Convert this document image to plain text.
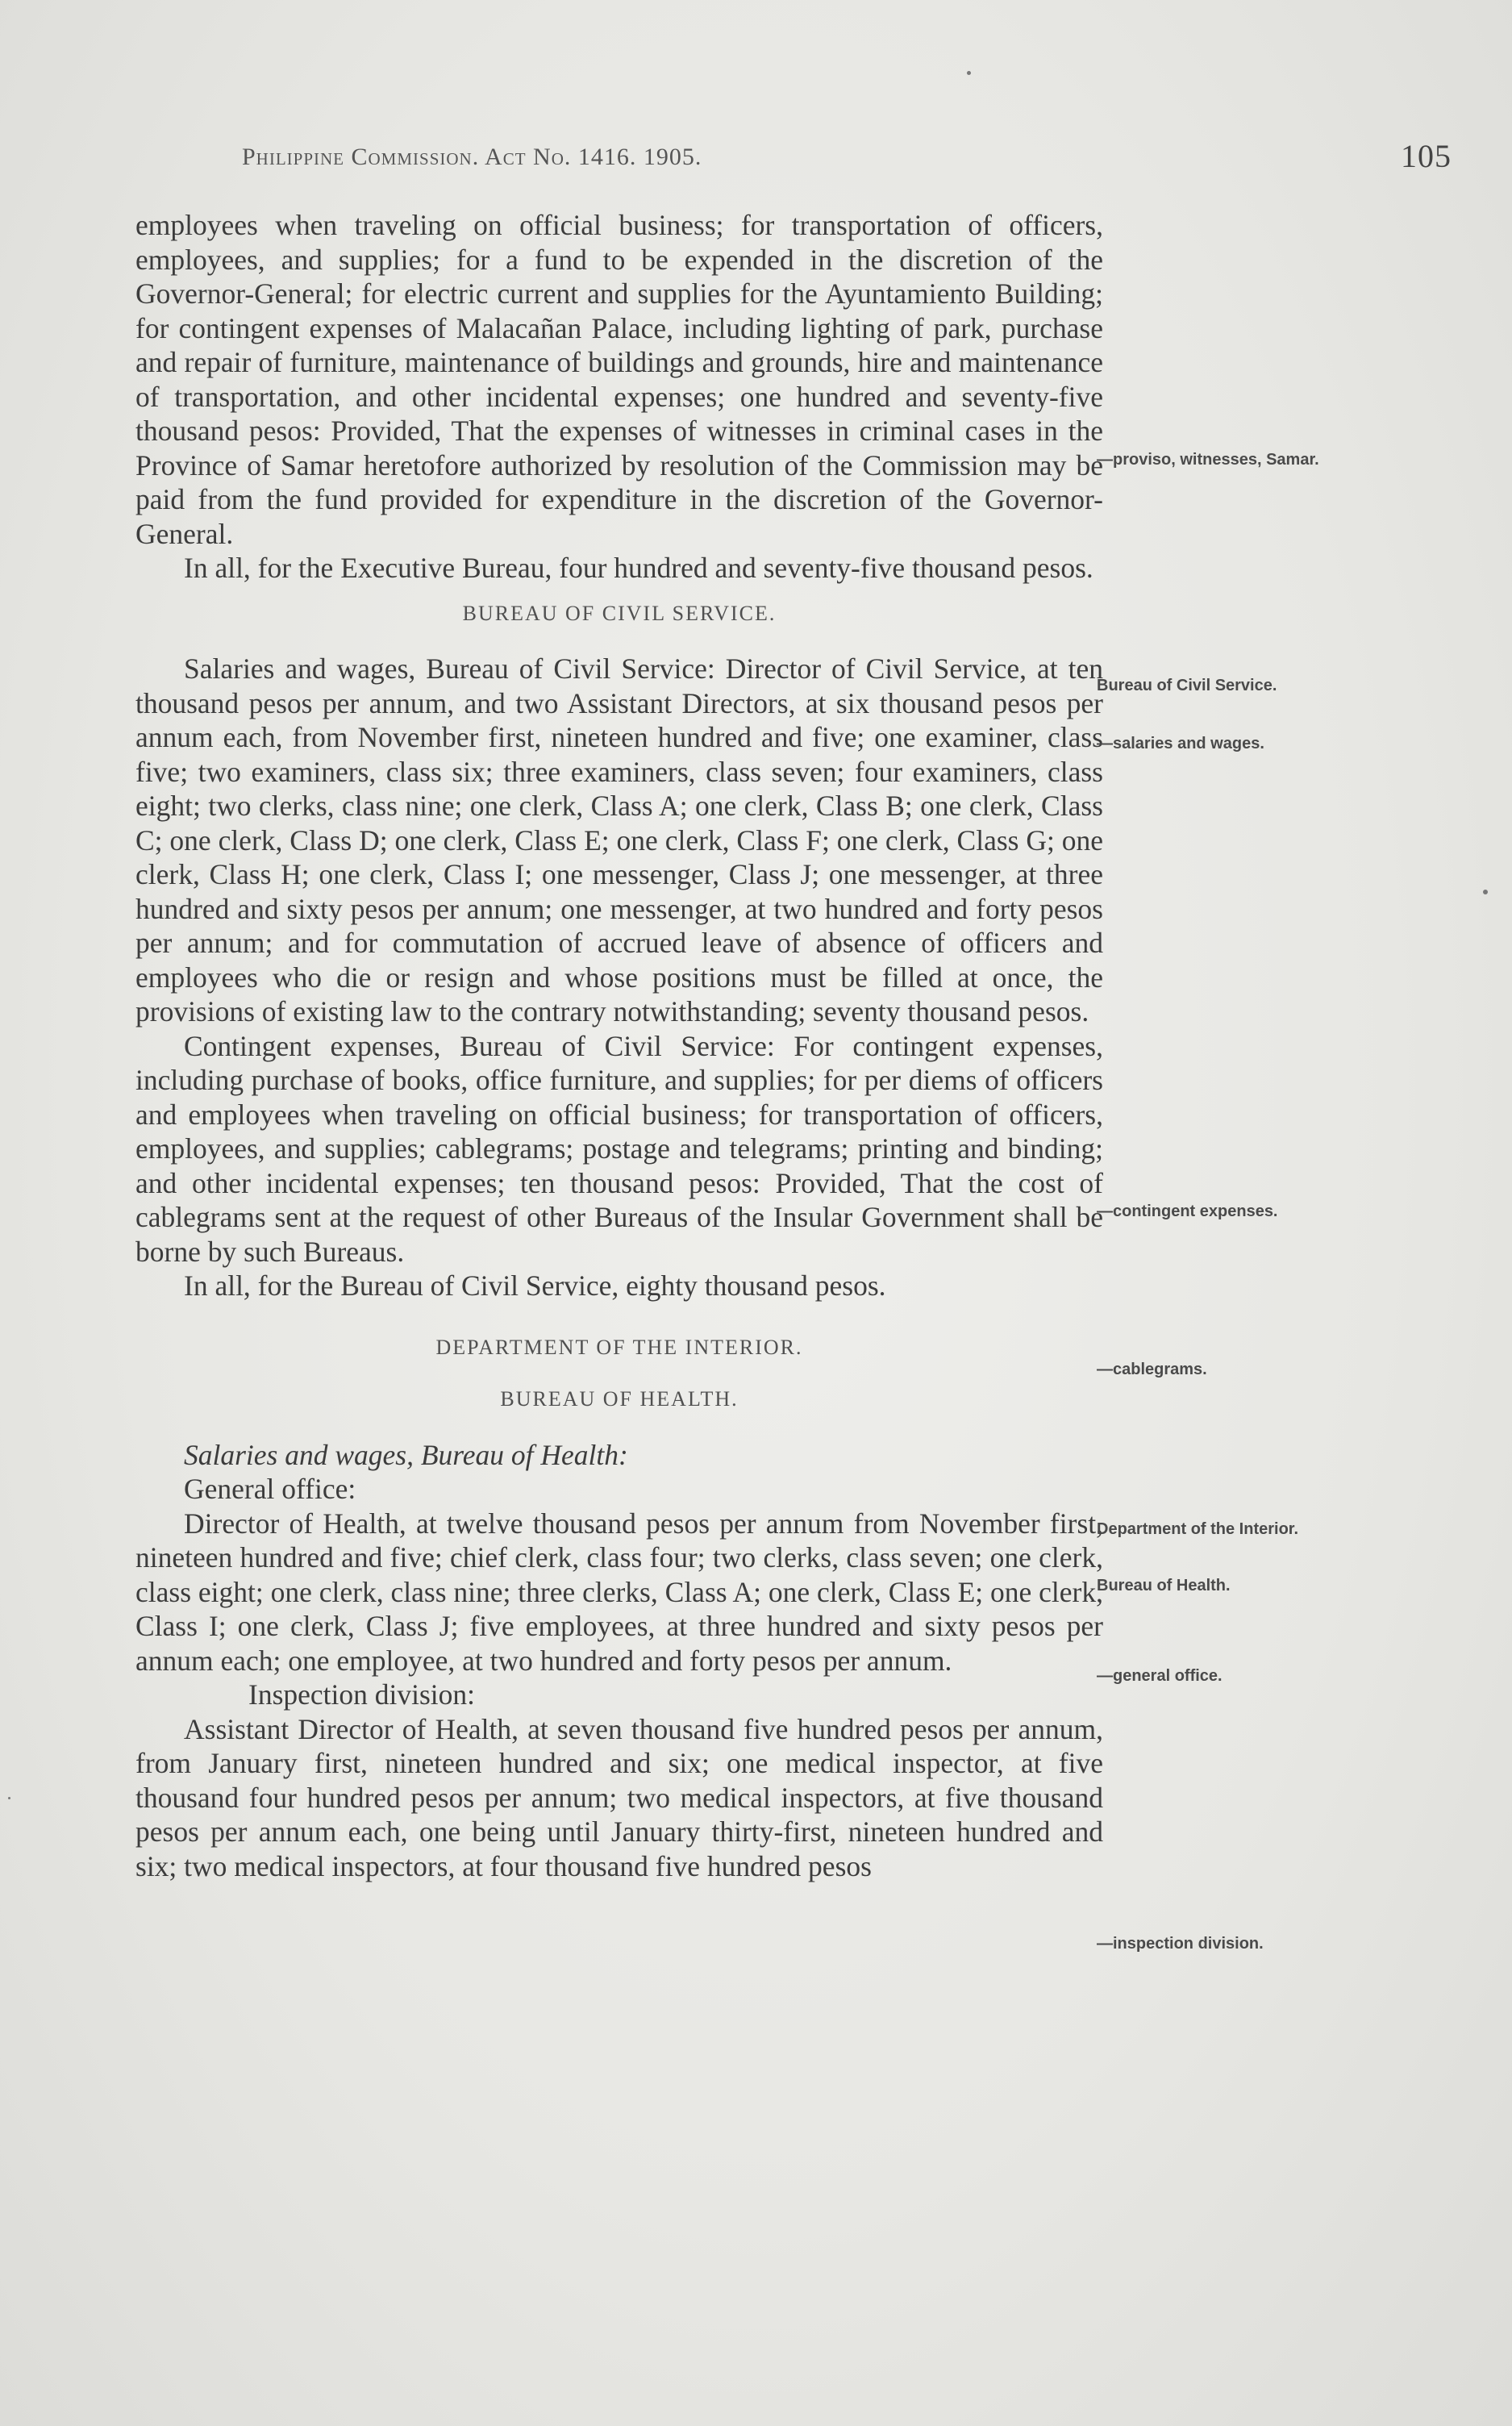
Philippine Commission. Act No. 1416. 1905.	105

employees when traveling on official business; for transportation of officers, employees, and supplies; for a fund to be expended in the discretion of the Governor-General; for electric current and supplies for the Ayuntamiento Building; for contingent expenses of Malacañan Palace, including lighting of park, purchase and repair of furniture, maintenance of buildings and grounds, hire and maintenance of transportation, and other incidental expenses; one hundred and seventy-five thousand pesos: Provided, That the expenses of witnesses in criminal cases in the Province of Samar heretofore authorized by resolution of the Commission may be paid from the fund provided for expenditure in the discretion of the Governor-General.

In all, for the Executive Bureau, four hundred and seventy-five thousand pesos.

BUREAU OF CIVIL SERVICE.

Salaries and wages, Bureau of Civil Service: Director of Civil Service, at ten thousand pesos per annum, and two Assistant Directors, at six thousand pesos per annum each, from November first, nineteen hundred and five; one examiner, class five; two examiners, class six; three examiners, class seven; four examiners, class eight; two clerks, class nine; one clerk, Class A; one clerk, Class B; one clerk, Class C; one clerk, Class D; one clerk, Class E; one clerk, Class F; one clerk, Class G; one clerk, Class H; one clerk, Class I; one messenger, Class J; one messenger, at three hundred and sixty pesos per annum; one messenger, at two hundred and forty pesos per annum; and for commutation of accrued leave of absence of officers and employees who die or resign and whose positions must be filled at once, the provisions of existing law to the contrary notwithstanding; seventy thousand pesos.

Contingent expenses, Bureau of Civil Service: For contingent expenses, including purchase of books, office furniture, and supplies; for per diems of officers and employees when traveling on official business; for transportation of officers, employees, and supplies; cablegrams; postage and telegrams; printing and binding; and other incidental expenses; ten thousand pesos: Provided, That the cost of cablegrams sent at the request of other Bureaus of the Insular Government shall be borne by such Bureaus.

In all, for the Bureau of Civil Service, eighty thousand pesos.

DEPARTMENT OF THE INTERIOR.

BUREAU OF HEALTH.

Salaries and wages, Bureau of Health:

General office:

Director of Health, at twelve thousand pesos per annum from November first, nineteen hundred and five; chief clerk, class four; two clerks, class seven; one clerk, class eight; one clerk, class nine; three clerks, Class A; one clerk, Class E; one clerk, Class I; one clerk, Class J; five employees, at three hundred and sixty pesos per annum each; one employee, at two hundred and forty pesos per annum.

Inspection division:

Assistant Director of Health, at seven thousand five hundred pesos per annum, from January first, nineteen hundred and six; one medical inspector, at five thousand four hundred pesos per annum; two medical inspectors, at five thousand pesos per annum each, one being until January thirty-first, nineteen hundred and six; two medical inspectors, at four thousand five hundred pesos

—proviso, witnesses, Samar.
Bureau of Civil Service.
—salaries and wages.
—contingent expenses.
—cablegrams.
Department of the Interior.
Bureau of Health.
—general office.
—inspection division.
